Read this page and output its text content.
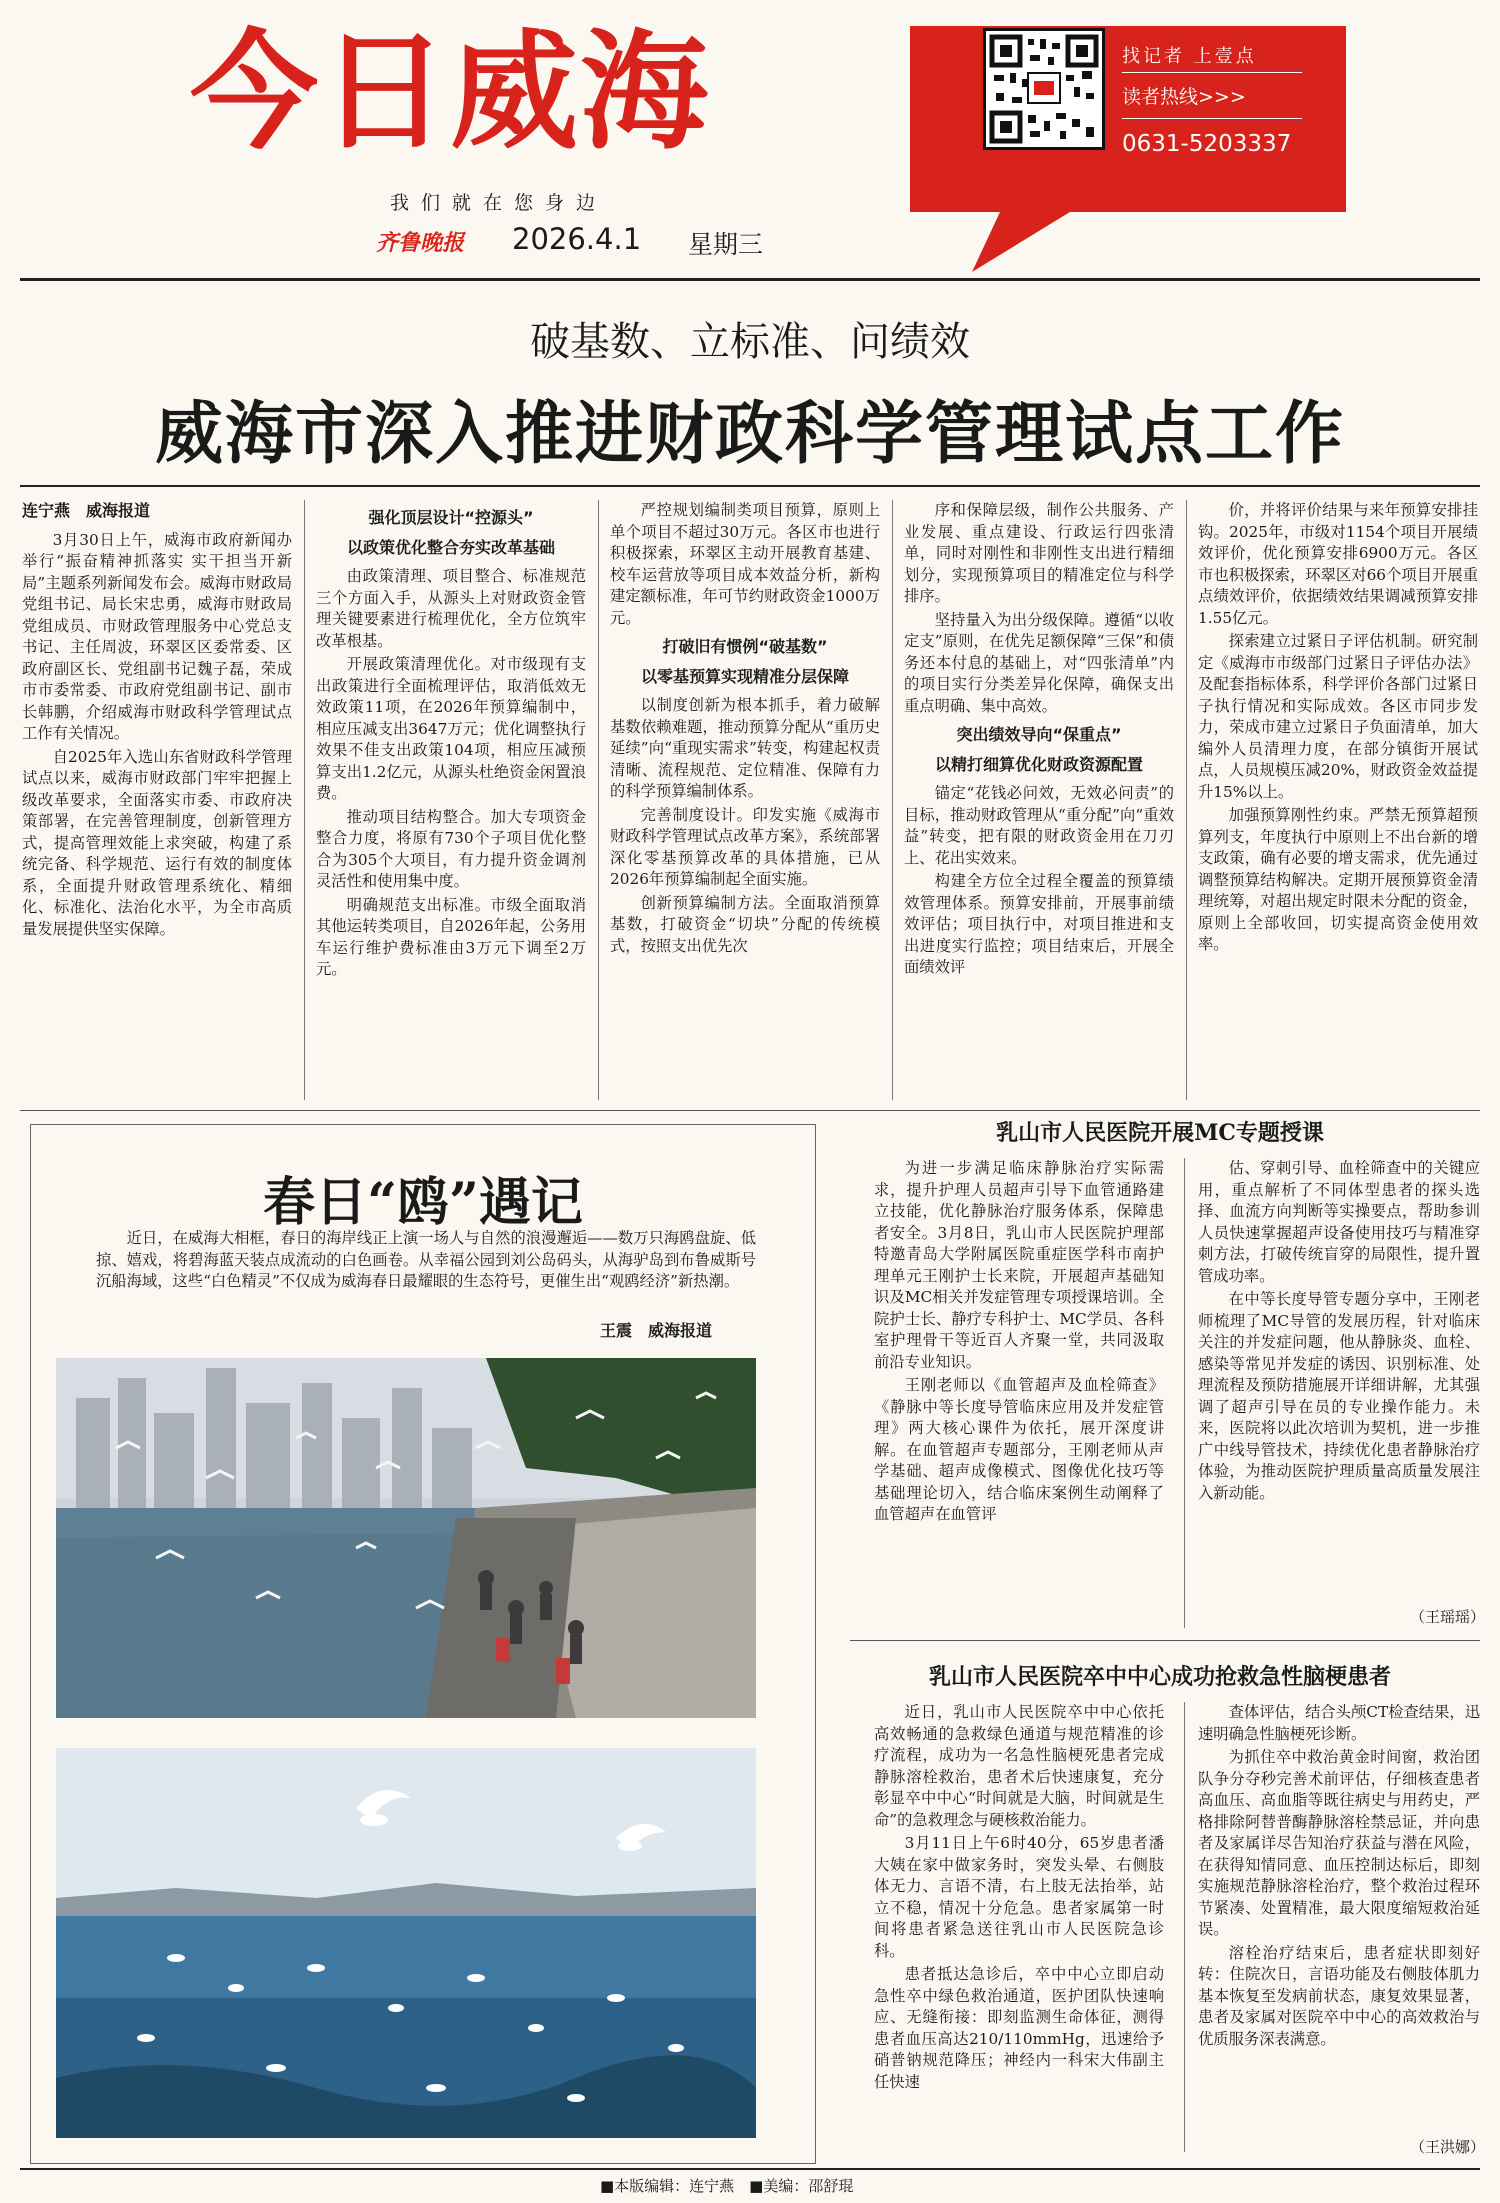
今日威海
我们就在您身边
齐鲁晚报 2026.4.1 星期三
找记者 上壹点
读者热线>>>
0631-5203337
破基数、立标准、问绩效
威海市深入推进财政科学管理试点工作
连宁燕　威海报道

3月30日上午，威海市政府新闻办举行“振奋精神抓落实 实干担当开新局”主题系列新闻发布会。威海市财政局党组书记、局长宋忠勇，威海市财政局党组成员、市财政管理服务中心党总支书记、主任周波，环翠区区委常委、区政府副区长、党组副书记魏子磊，荣成市市委常委、市政府党组副书记、副市长韩鹏，介绍威海市财政科学管理试点工作有关情况。

自2025年入选山东省财政科学管理试点以来，威海市财政部门牢牢把握上级改革要求，全面落实市委、市政府决策部署，在完善管理制度，创新管理方式，提高管理效能上求突破，构建了系统完备、科学规范、运行有效的制度体系，全面提升财政管理系统化、精细化、标准化、法治化水平，为全市高质量发展提供坚实保障。

强化顶层设计“控源头”
以政策优化整合夯实改革基础

由政策清理、项目整合、标准规范三个方面入手，从源头上对财政资金管理关键要素进行梳理优化，全方位筑牢改革根基。

开展政策清理优化。对市级现有支出政策进行全面梳理评估，取消低效无效政策11项，在2026年预算编制中，相应压减支出3647万元；优化调整执行效果不佳支出政策104项，相应压减预算支出1.2亿元，从源头杜绝资金闲置浪费。

推动项目结构整合。加大专项资金整合力度，将原有730个子项目优化整合为305个大项目，有力提升资金调剂灵活性和使用集中度。

明确规范支出标准。市级全面取消其他运转类项目，自2026年起，公务用车运行维护费标准由3万元下调至2万元。

严控规划编制类项目预算，原则上单个项目不超过30万元。各区市也进行积极探索，环翠区主动开展教育基建、校车运营放等项目成本效益分析，新构建定额标准，年可节约财政资金1000万元。

打破旧有惯例“破基数”
以零基预算实现精准分层保障

以制度创新为根本抓手，着力破解基数依赖难题，推动预算分配从“重历史延续”向“重现实需求”转变，构建起权责清晰、流程规范、定位精准、保障有力的科学预算编制体系。

完善制度设计。印发实施《威海市财政科学管理试点改革方案》，系统部署深化零基预算改革的具体措施，已从2026年预算编制起全面实施。

创新预算编制方法。全面取消预算基数，打破资金“切块”分配的传统模式，按照支出优先次

序和保障层级，制作公共服务、产业发展、重点建设、行政运行四张清单，同时对刚性和非刚性支出进行精细划分，实现预算项目的精准定位与科学排序。

坚持量入为出分级保障。遵循“以收定支”原则，在优先足额保障“三保”和债务还本付息的基础上，对“四张清单”内的项目实行分类差异化保障，确保支出重点明确、集中高效。

突出绩效导向“保重点”
以精打细算优化财政资源配置

锚定“花钱必问效，无效必问责”的目标，推动财政管理从“重分配”向“重效益”转变，把有限的财政资金用在刀刃上、花出实效来。

构建全方位全过程全覆盖的预算绩效管理体系。预算安排前，开展事前绩效评估；项目执行中，对项目推进和支出进度实行监控；项目结束后，开展全面绩效评

价，并将评价结果与来年预算安排挂钩。2025年，市级对1154个项目开展绩效评价，优化预算安排6900万元。各区市也积极探索，环翠区对66个项目开展重点绩效评价，依据绩效结果调减预算安排1.55亿元。

探索建立过紧日子评估机制。研究制定《威海市市级部门过紧日子评估办法》及配套指标体系，科学评价各部门过紧日子执行情况和实际成效。各区市同步发力，荣成市建立过紧日子负面清单，加大编外人员清理力度，在部分镇街开展试点，人员规模压减20%，财政资金效益提升15%以上。

加强预算刚性约束。严禁无预算超预算列支，年度执行中原则上不出台新的增支政策，确有必要的增支需求，优先通过调整预算结构解决。定期开展预算资金清理统筹，对超出规定时限未分配的资金，原则上全部收回，切实提高资金使用效率。

春日“鸥”遇记
近日，在威海大相框，春日的海岸线正上演一场人与自然的浪漫邂逅——数万只海鸥盘旋、低掠、嬉戏，将碧海蓝天装点成流动的白色画卷。从幸福公园到刘公岛码头，从海驴岛到布鲁威斯号沉船海域，这些“白色精灵”不仅成为威海春日最耀眼的生态符号，更催生出“观鸥经济”新热潮。
王震　威海报道
乳山市人民医院开展MC专题授课

为进一步满足临床静脉治疗实际需求，提升护理人员超声引导下血管通路建立技能，优化静脉治疗服务体系，保障患者安全。3月8日，乳山市人民医院护理部特邀青岛大学附属医院重症医学科市南护理单元王刚护士长来院，开展超声基础知识及MC相关并发症管理专项授课培训。全院护士长、静疗专科护士、MC学员、各科室护理骨干等近百人齐聚一堂，共同汲取前沿专业知识。

王刚老师以《血管超声及血栓筛查》《静脉中等长度导管临床应用及并发症管理》两大核心课件为依托，展开深度讲解。在血管超声专题部分，王刚老师从声学基础、超声成像模式、图像优化技巧等基础理论切入，结合临床案例生动阐释了血管超声在血管评

估、穿刺引导、血栓筛查中的关键应用，重点解析了不同体型患者的探头选择、血流方向判断等实操要点，帮助参训人员快速掌握超声设备使用技巧与精准穿刺方法，打破传统盲穿的局限性，提升置管成功率。

在中等长度导管专题分享中，王刚老师梳理了MC导管的发展历程，针对临床关注的并发症问题，他从静脉炎、血栓、感染等常见并发症的诱因、识别标准、处理流程及预防措施展开详细讲解，尤其强调了超声引导在员的专业操作能力。未来，医院将以此次培训为契机，进一步推广中线导管技术，持续优化患者静脉治疗体验，为推动医院护理质量高质量发展注入新动能。

（王瑶瑶）
乳山市人民医院卒中中心成功抢救急性脑梗患者

近日，乳山市人民医院卒中中心依托高效畅通的急救绿色通道与规范精准的诊疗流程，成功为一名急性脑梗死患者完成静脉溶栓救治，患者术后快速康复，充分彰显卒中中心“时间就是大脑，时间就是生命”的急救理念与硬核救治能力。

3月11日上午6时40分，65岁患者潘大姨在家中做家务时，突发头晕、右侧肢体无力、言语不清，右上肢无法抬举，站立不稳，情况十分危急。患者家属第一时间将患者紧急送往乳山市人民医院急诊科。

患者抵达急诊后，卒中中心立即启动急性卒中绿色救治通道，医护团队快速响应、无缝衔接：即刻监测生命体征，测得患者血压高达210/110mmHg，迅速给予硝普钠规范降压；神经内一科宋大伟副主任快速

查体评估，结合头颅CT检查结果，迅速明确急性脑梗死诊断。

为抓住卒中救治黄金时间窗，救治团队争分夺秒完善术前评估，仔细核查患者高血压、高血脂等既往病史与用药史，严格排除阿替普酶静脉溶栓禁忌证，并向患者及家属详尽告知治疗获益与潜在风险，在获得知情同意、血压控制达标后，即刻实施规范静脉溶栓治疗，整个救治过程环节紧凑、处置精准，最大限度缩短救治延误。

溶栓治疗结束后，患者症状即刻好转：住院次日，言语功能及右侧肢体肌力基本恢复至发病前状态，康复效果显著，患者及家属对医院卒中中心的高效救治与优质服务深表满意。

（王洪娜）
■本版编辑：连宁燕　■美编：邵舒琨
